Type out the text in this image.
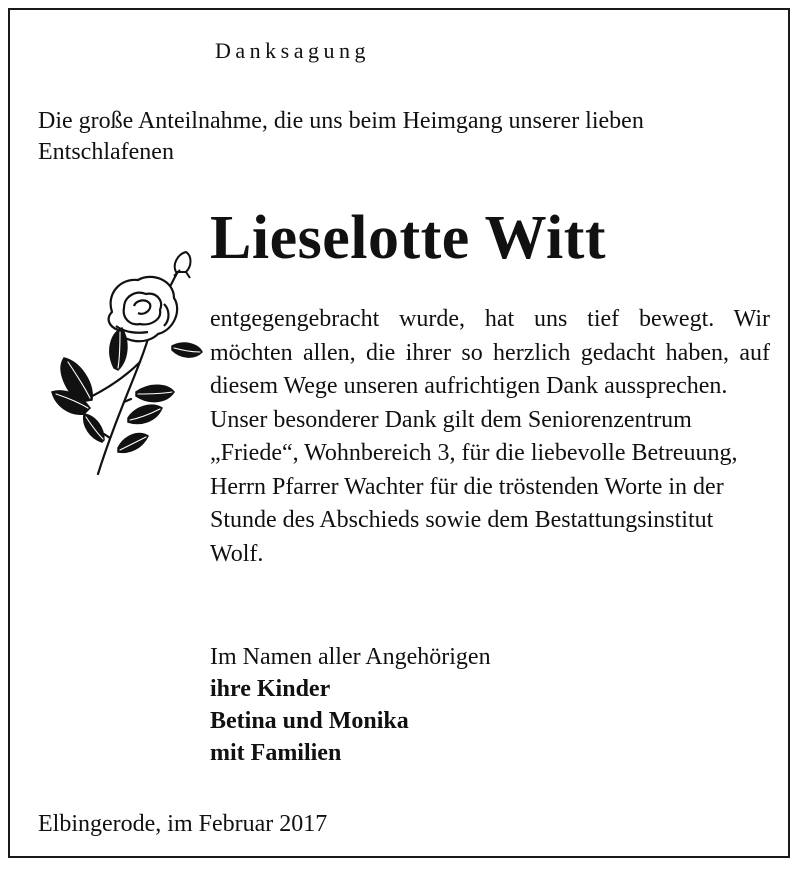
Danksagung
Die große Anteilnahme, die uns beim Heimgang unserer lieben Entschlafenen
Lieselotte Witt

entgegengebracht wurde, hat uns tief bewegt. Wir möchten allen, die ihrer so herzlich gedacht haben, auf diesem Wege unseren aufrichtigen Dank aussprechen.

Unser besonderer Dank gilt dem Seniorenzentrum „Friede“, Wohnbereich 3, für die liebevolle Betreuung, Herrn Pfarrer Wachter für die tröstenden Worte in der Stunde des Abschieds sowie dem Bestattungsinstitut Wolf.

Im Namen aller Angehörigen
ihre Kinder
Betina und Monika
mit Familien
Elbingerode, im Februar 2017
